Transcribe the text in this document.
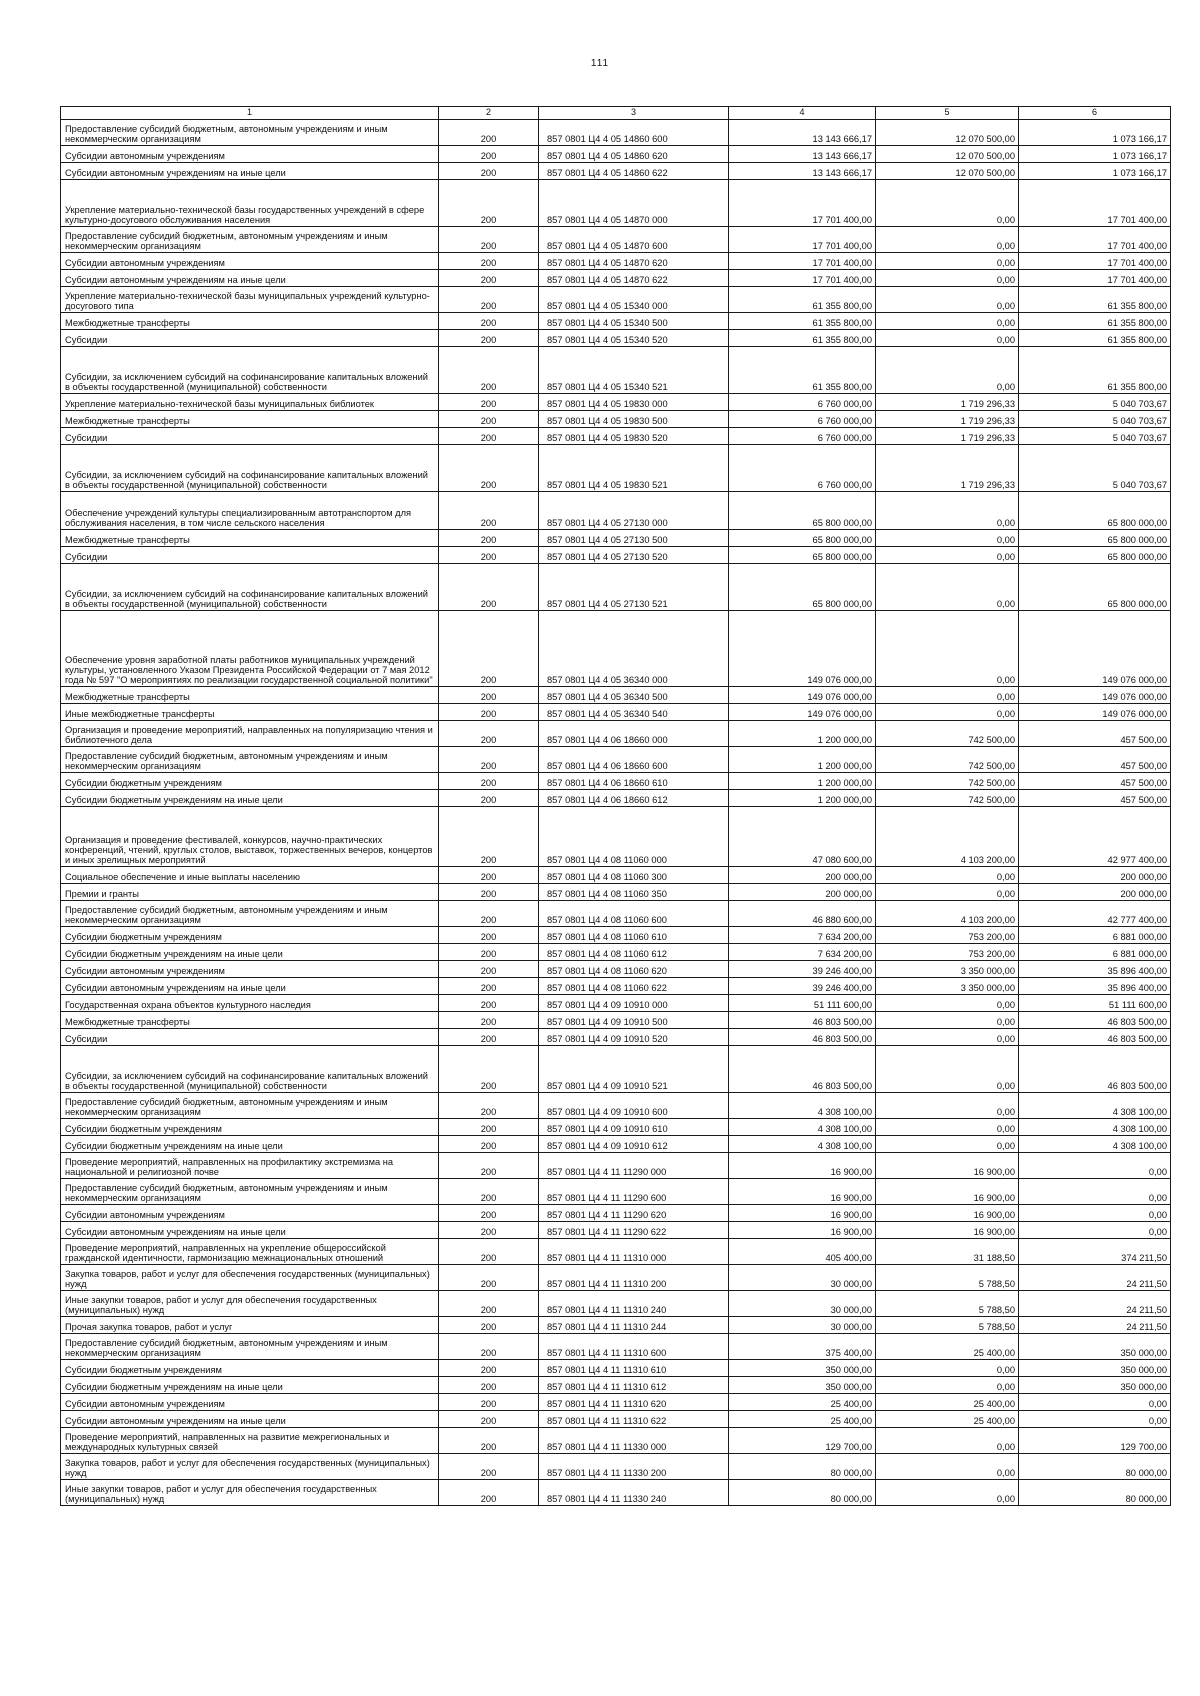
111
1	2	3	4	5	6
Предоставление субсидий бюджетным, автономным учреждениям и иным некоммерческим организациям	200	857 0801 Ц4 4 05 14860 600	13 143 666,17	12 070 500,00	1 073 166,17
Субсидии автономным учреждениям	200	857 0801 Ц4 4 05 14860 620	13 143 666,17	12 070 500,00	1 073 166,17
Субсидии автономным учреждениям на иные цели	200	857 0801 Ц4 4 05 14860 622	13 143 666,17	12 070 500,00	1 073 166,17
Укрепление материально-технической базы государственных учреждений в сфере культурно-досугового обслуживания населения	200	857 0801 Ц4 4 05 14870 000	17 701 400,00	0,00	17 701 400,00
Предоставление субсидий бюджетным, автономным учреждениям и иным некоммерческим организациям	200	857 0801 Ц4 4 05 14870 600	17 701 400,00	0,00	17 701 400,00
Субсидии автономным учреждениям	200	857 0801 Ц4 4 05 14870 620	17 701 400,00	0,00	17 701 400,00
Субсидии автономным учреждениям на иные цели	200	857 0801 Ц4 4 05 14870 622	17 701 400,00	0,00	17 701 400,00
Укрепление материально-технической базы муниципальных учреждений культурно-досугового типа	200	857 0801 Ц4 4 05 15340 000	61 355 800,00	0,00	61 355 800,00
Межбюджетные трансферты	200	857 0801 Ц4 4 05 15340 500	61 355 800,00	0,00	61 355 800,00
Субсидии	200	857 0801 Ц4 4 05 15340 520	61 355 800,00	0,00	61 355 800,00
Субсидии, за исключением субсидий на софинансирование капитальных вложений в объекты государственной (муниципальной) собственности	200	857 0801 Ц4 4 05 15340 521	61 355 800,00	0,00	61 355 800,00
Укрепление материально-технической базы муниципальных библиотек	200	857 0801 Ц4 4 05 19830 000	6 760 000,00	1 719 296,33	5 040 703,67
Межбюджетные трансферты	200	857 0801 Ц4 4 05 19830 500	6 760 000,00	1 719 296,33	5 040 703,67
Субсидии	200	857 0801 Ц4 4 05 19830 520	6 760 000,00	1 719 296,33	5 040 703,67
Субсидии, за исключением субсидий на софинансирование капитальных вложений в объекты государственной (муниципальной) собственности	200	857 0801 Ц4 4 05 19830 521	6 760 000,00	1 719 296,33	5 040 703,67
Обеспечение учреждений культуры специализированным автотранспортом для обслуживания населения, в том числе сельского населения	200	857 0801 Ц4 4 05 27130 000	65 800 000,00	0,00	65 800 000,00
Межбюджетные трансферты	200	857 0801 Ц4 4 05 27130 500	65 800 000,00	0,00	65 800 000,00
Субсидии	200	857 0801 Ц4 4 05 27130 520	65 800 000,00	0,00	65 800 000,00
Субсидии, за исключением субсидий на софинансирование капитальных вложений в объекты государственной (муниципальной) собственности	200	857 0801 Ц4 4 05 27130 521	65 800 000,00	0,00	65 800 000,00
Обеспечение уровня заработной платы работников муниципальных учреждений культуры, установленного Указом Президента Российской Федерации от 7 мая 2012 года № 597 "О мероприятиях по реализации государственной социальной политики"	200	857 0801 Ц4 4 05 36340 000	149 076 000,00	0,00	149 076 000,00
Межбюджетные трансферты	200	857 0801 Ц4 4 05 36340 500	149 076 000,00	0,00	149 076 000,00
Иные межбюджетные трансферты	200	857 0801 Ц4 4 05 36340 540	149 076 000,00	0,00	149 076 000,00
Организация и проведение мероприятий, направленных на популяризацию чтения и библиотечного дела	200	857 0801 Ц4 4 06 18660 000	1 200 000,00	742 500,00	457 500,00
Предоставление субсидий бюджетным, автономным учреждениям и иным некоммерческим организациям	200	857 0801 Ц4 4 06 18660 600	1 200 000,00	742 500,00	457 500,00
Субсидии бюджетным учреждениям	200	857 0801 Ц4 4 06 18660 610	1 200 000,00	742 500,00	457 500,00
Субсидии бюджетным учреждениям на иные цели	200	857 0801 Ц4 4 06 18660 612	1 200 000,00	742 500,00	457 500,00
Организация и проведение фестивалей, конкурсов, научно-практических конференций, чтений, круглых столов, выставок, торжественных вечеров, концертов и иных зрелищных мероприятий	200	857 0801 Ц4 4 08 11060 000	47 080 600,00	4 103 200,00	42 977 400,00
Социальное обеспечение и иные выплаты населению	200	857 0801 Ц4 4 08 11060 300	200 000,00	0,00	200 000,00
Премии и гранты	200	857 0801 Ц4 4 08 11060 350	200 000,00	0,00	200 000,00
Предоставление субсидий бюджетным, автономным учреждениям и иным некоммерческим организациям	200	857 0801 Ц4 4 08 11060 600	46 880 600,00	4 103 200,00	42 777 400,00
Субсидии бюджетным учреждениям	200	857 0801 Ц4 4 08 11060 610	7 634 200,00	753 200,00	6 881 000,00
Субсидии бюджетным учреждениям на иные цели	200	857 0801 Ц4 4 08 11060 612	7 634 200,00	753 200,00	6 881 000,00
Субсидии автономным учреждениям	200	857 0801 Ц4 4 08 11060 620	39 246 400,00	3 350 000,00	35 896 400,00
Субсидии автономным учреждениям на иные цели	200	857 0801 Ц4 4 08 11060 622	39 246 400,00	3 350 000,00	35 896 400,00
Государственная охрана объектов культурного наследия	200	857 0801 Ц4 4 09 10910 000	51 111 600,00	0,00	51 111 600,00
Межбюджетные трансферты	200	857 0801 Ц4 4 09 10910 500	46 803 500,00	0,00	46 803 500,00
Субсидии	200	857 0801 Ц4 4 09 10910 520	46 803 500,00	0,00	46 803 500,00
Субсидии, за исключением субсидий на софинансирование капитальных вложений в объекты государственной (муниципальной) собственности	200	857 0801 Ц4 4 09 10910 521	46 803 500,00	0,00	46 803 500,00
Предоставление субсидий бюджетным, автономным учреждениям и иным некоммерческим организациям	200	857 0801 Ц4 4 09 10910 600	4 308 100,00	0,00	4 308 100,00
Субсидии бюджетным учреждениям	200	857 0801 Ц4 4 09 10910 610	4 308 100,00	0,00	4 308 100,00
Субсидии бюджетным учреждениям на иные цели	200	857 0801 Ц4 4 09 10910 612	4 308 100,00	0,00	4 308 100,00
Проведение мероприятий, направленных на профилактику экстремизма на национальной и религиозной почве	200	857 0801 Ц4 4 11 11290 000	16 900,00	16 900,00	0,00
Предоставление субсидий бюджетным, автономным учреждениям и иным некоммерческим организациям	200	857 0801 Ц4 4 11 11290 600	16 900,00	16 900,00	0,00
Субсидии автономным учреждениям	200	857 0801 Ц4 4 11 11290 620	16 900,00	16 900,00	0,00
Субсидии автономным учреждениям на иные цели	200	857 0801 Ц4 4 11 11290 622	16 900,00	16 900,00	0,00
Проведение мероприятий, направленных на укрепление общероссийской гражданской идентичности, гармонизацию межнациональных отношений	200	857 0801 Ц4 4 11 11310 000	405 400,00	31 188,50	374 211,50
Закупка товаров, работ и услуг для обеспечения государственных (муниципальных) нужд	200	857 0801 Ц4 4 11 11310 200	30 000,00	5 788,50	24 211,50
Иные закупки товаров, работ и услуг для обеспечения государственных (муниципальных) нужд	200	857 0801 Ц4 4 11 11310 240	30 000,00	5 788,50	24 211,50
Прочая закупка товаров, работ и услуг	200	857 0801 Ц4 4 11 11310 244	30 000,00	5 788,50	24 211,50
Предоставление субсидий бюджетным, автономным учреждениям и иным некоммерческим организациям	200	857 0801 Ц4 4 11 11310 600	375 400,00	25 400,00	350 000,00
Субсидии бюджетным учреждениям	200	857 0801 Ц4 4 11 11310 610	350 000,00	0,00	350 000,00
Субсидии бюджетным учреждениям на иные цели	200	857 0801 Ц4 4 11 11310 612	350 000,00	0,00	350 000,00
Субсидии автономным учреждениям	200	857 0801 Ц4 4 11 11310 620	25 400,00	25 400,00	0,00
Субсидии автономным учреждениям на иные цели	200	857 0801 Ц4 4 11 11310 622	25 400,00	25 400,00	0,00
Проведение мероприятий, направленных на развитие межрегиональных и международных культурных связей	200	857 0801 Ц4 4 11 11330 000	129 700,00	0,00	129 700,00
Закупка товаров, работ и услуг для обеспечения государственных (муниципальных) нужд	200	857 0801 Ц4 4 11 11330 200	80 000,00	0,00	80 000,00
Иные закупки товаров, работ и услуг для обеспечения государственных (муниципальных) нужд	200	857 0801 Ц4 4 11 11330 240	80 000,00	0,00	80 000,00
